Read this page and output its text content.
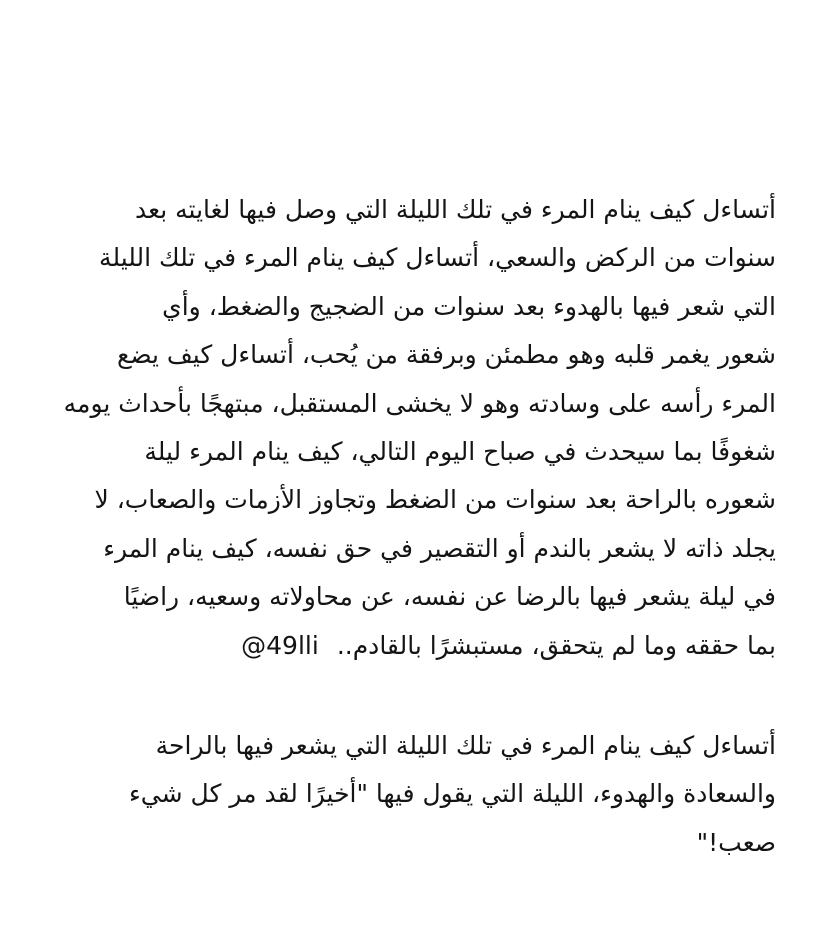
أتساءل كيف ينام المرء في تلك الليلة التي وصل فيها لغايته بعد
سنوات من الركض والسعي، أتساءل كيف ينام المرء في تلك الليلة
التي شعر فيها بالهدوء بعد سنوات من الضجيج والضغط، وأي
شعور يغمر قلبه وهو مطمئن وبرفقة من يُحب، أتساءل كيف يضع
المرء رأسه على وسادته وهو لا يخشى المستقبل، مبتهجًا بأحداث يومه
شغوفًا بما سيحدث في صباح اليوم التالي، كيف ينام المرء ليلة
شعوره بالراحة بعد سنوات من الضغط وتجاوز الأزمات والصعاب، لا
يجلد ذاته لا يشعر بالندم أو التقصير في حق نفسه، كيف ينام المرء
في ليلة يشعر فيها بالرضا عن نفسه، عن محاولاته وسعيه، راضيًا
بما حققه وما لم يتحقق، مستبشرًا بالقادم..@49lli
أتساءل كيف ينام المرء في تلك الليلة التي يشعر فيها بالراحة
والسعادة والهدوء، الليلة التي يقول فيها "أخيرًا لقد مر كل شيء
صعب!"
